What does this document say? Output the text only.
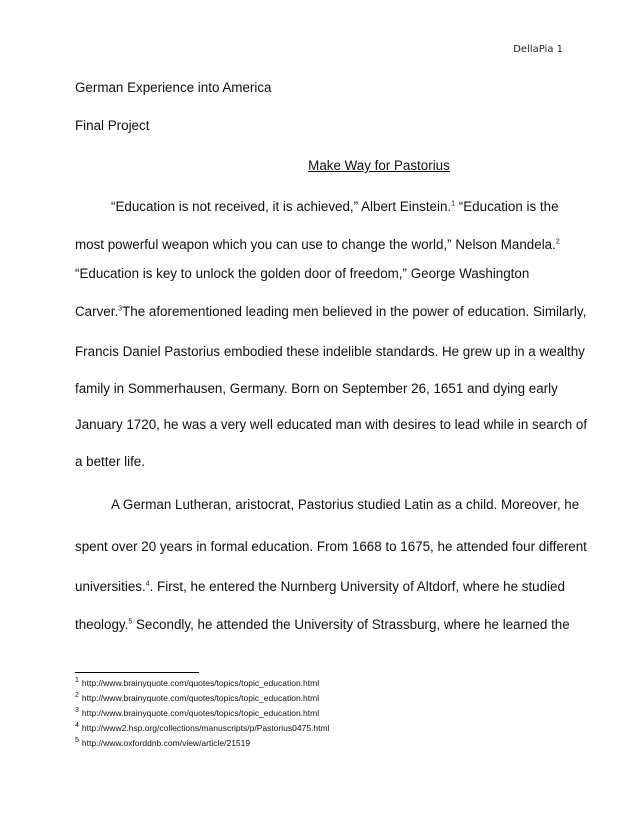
DellaPia 1
German Experience into America
Final Project
Make Way for Pastorius
“Education is not received, it is achieved,” Albert Einstein.$^1$ “Education is the
most powerful weapon which you can use to change the world,” Nelson Mandela.$^2$
“Education is key to unlock the golden door of freedom,” George Washington
Carver.$^3$The aforementioned leading men believed in the power of education. Similarly,
Francis Daniel Pastorius embodied these indelible standards. He grew up in a wealthy
family in Sommerhausen, Germany. Born on September 26, 1651 and dying early
January 1720, he was a very well educated man with desires to lead while in search of
a better life.
A German Lutheran, aristocrat, Pastorius studied Latin as a child. Moreover, he
spent over 20 years in formal education. From 1668 to 1675, he attended four different
universities.$^4$. First, he entered the Nurnberg University of Altdorf, where he studied
theology.$^5$ Secondly, he attended the University of Strassburg, where he learned the
$^1$ http://www.brainyquote.com/quotes/topics/topic_education.html
$^2$ http://www.brainyquote.com/quotes/topics/topic_education.html
$^3$ http://www.brainyquote.com/quotes/topics/topic_education.html
$^4$ http://www2.hsp.org/collections/manuscripts/p/Pastorius0475.html
$^5$ http://www.oxforddnb.com/view/article/21519
